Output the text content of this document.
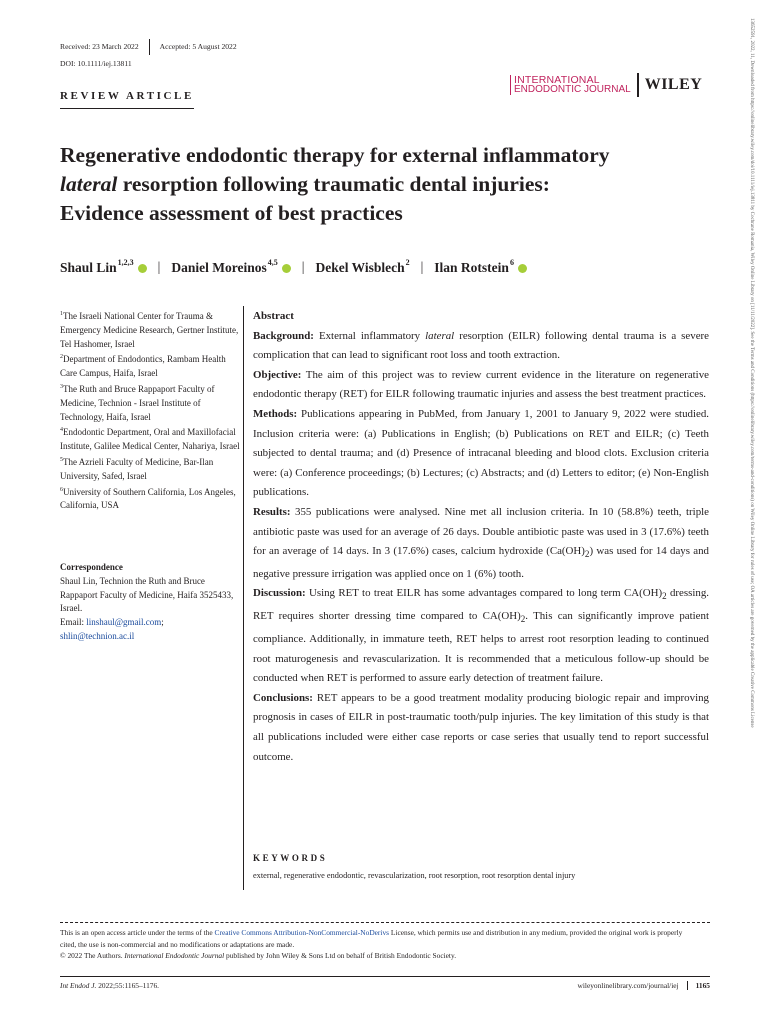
Received: 23 March 2022	Accepted: 5 August 2022
DOI: 10.1111/iej.13811
REVIEW ARTICLE
INTERNATIONAL
ENDODONTIC JOURNAL WILEY
Regenerative endodontic therapy for external inflammatory
lateral resorption following traumatic dental injuries:
Evidence assessment of best practices
Shaul Lin$^{1,2,3}$	| Daniel Moreinos$^{4,5}$	| Dekel Wisblech$^2$ | Ilan Rotstein$^6$

$^1$The Israeli National Center for Trauma & Emergency Medicine Research, Gertner Institute, Tel Hashomer, Israel

$^2$Department of Endodontics, Rambam Health Care Campus, Haifa, Israel

$^3$The Ruth and Bruce Rappaport Faculty of Medicine, Technion - Israel Institute of Technology, Haifa, Israel

$^4$Endodontic Department, Oral and Maxillofacial Institute, Galilee Medical Center, Nahariya, Israel

$^5$The Azrieli Faculty of Medicine, Bar-Ilan University, Safed, Israel

$^6$University of Southern California, Los Angeles, California, USA

Correspondence
Shaul Lin, Technion the Ruth and Bruce Rappaport Faculty of Medicine, Haifa 3525433, Israel.
Email: linshaul@gmail.com; shlin@technion.ac.il

Abstract

Background: External inflammatory lateral resorption (EILR) following dental trauma is a severe complication that can lead to significant root loss and tooth extraction.

Objective: The aim of this project was to review current evidence in the literature on regenerative endodontic therapy (RET) for EILR following traumatic injuries and assess the best treatment practices.

Methods: Publications appearing in PubMed, from January 1, 2001 to January 9, 2022 were studied. Inclusion criteria were: (a) Publications in English; (b) Publications on RET and EILR; (c) Teeth subjected to dental trauma; and (d) Presence of intracanal bleeding and blood clots. Exclusion criteria were: (a) Conference proceedings; (b) Lectures; (c) Abstracts; and (d) Letters to editor; (e) Non-English publications.

Results: 355 publications were analysed. Nine met all inclusion criteria. In 10 (58.8%) teeth, triple antibiotic paste was used for an average of 26 days. Double antibiotic paste was used in 3 (17.6%) teeth for an average of 14 days. In 3 (17.6%) cases, calcium hydroxide $(Ca(OH)_2)$ was used for 14 days and negative pressure irrigation was applied once on 1 (6%) tooth.

Discussion: Using RET to treat EILR has some advantages compared to long term $CA(OH)_2$ dressing. RET requires shorter dressing time compared to $CA(OH)_2$. This can significantly improve patient compliance. Additionally, in immature teeth, RET helps to arrest root resorption leading to continued root maturogenesis and revascularization. It is recommended that a meticulous follow-up should be conducted when RET is performed to assure early detection of treatment failure.

Conclusions: RET appears to be a good treatment modality producing biologic repair and improving prognosis in cases of EILR in post-traumatic tooth/pulp injuries. The key limitation of this study is that all publications included were either case reports or case series that usually tend to report successful outcome.

KEYWORDS
external, regenerative endodontic, revascularization, root resorption, root resorption dental injury
This is an open access article under the terms of the Creative Commons Attribution-NonCommercial-NoDerivs License, which permits use and distribution in any medium, provided the original work is properly cited, the use is non-commercial and no modifications or adaptations are made.
© 2022 The Authors. International Endodontic Journal published by John Wiley & Sons Ltd on behalf of British Endodontic Society.
Int Endod J. 2022;55:1165–1176.	wileyonlinelibrary.com/journal/iej	1165
13652591, 2022, 11, Downloaded from https://onlinelibrary.wiley.com/doi/10.1111/iej.13811 by Cochrane Romania, Wiley Online Library on [11/11/2022]. See the Terms and Conditions (https://onlinelibrary.wiley.com/terms-and-conditions) on Wiley Online Library for rules of use; OA articles are governed by the applicable Creative Commons License
